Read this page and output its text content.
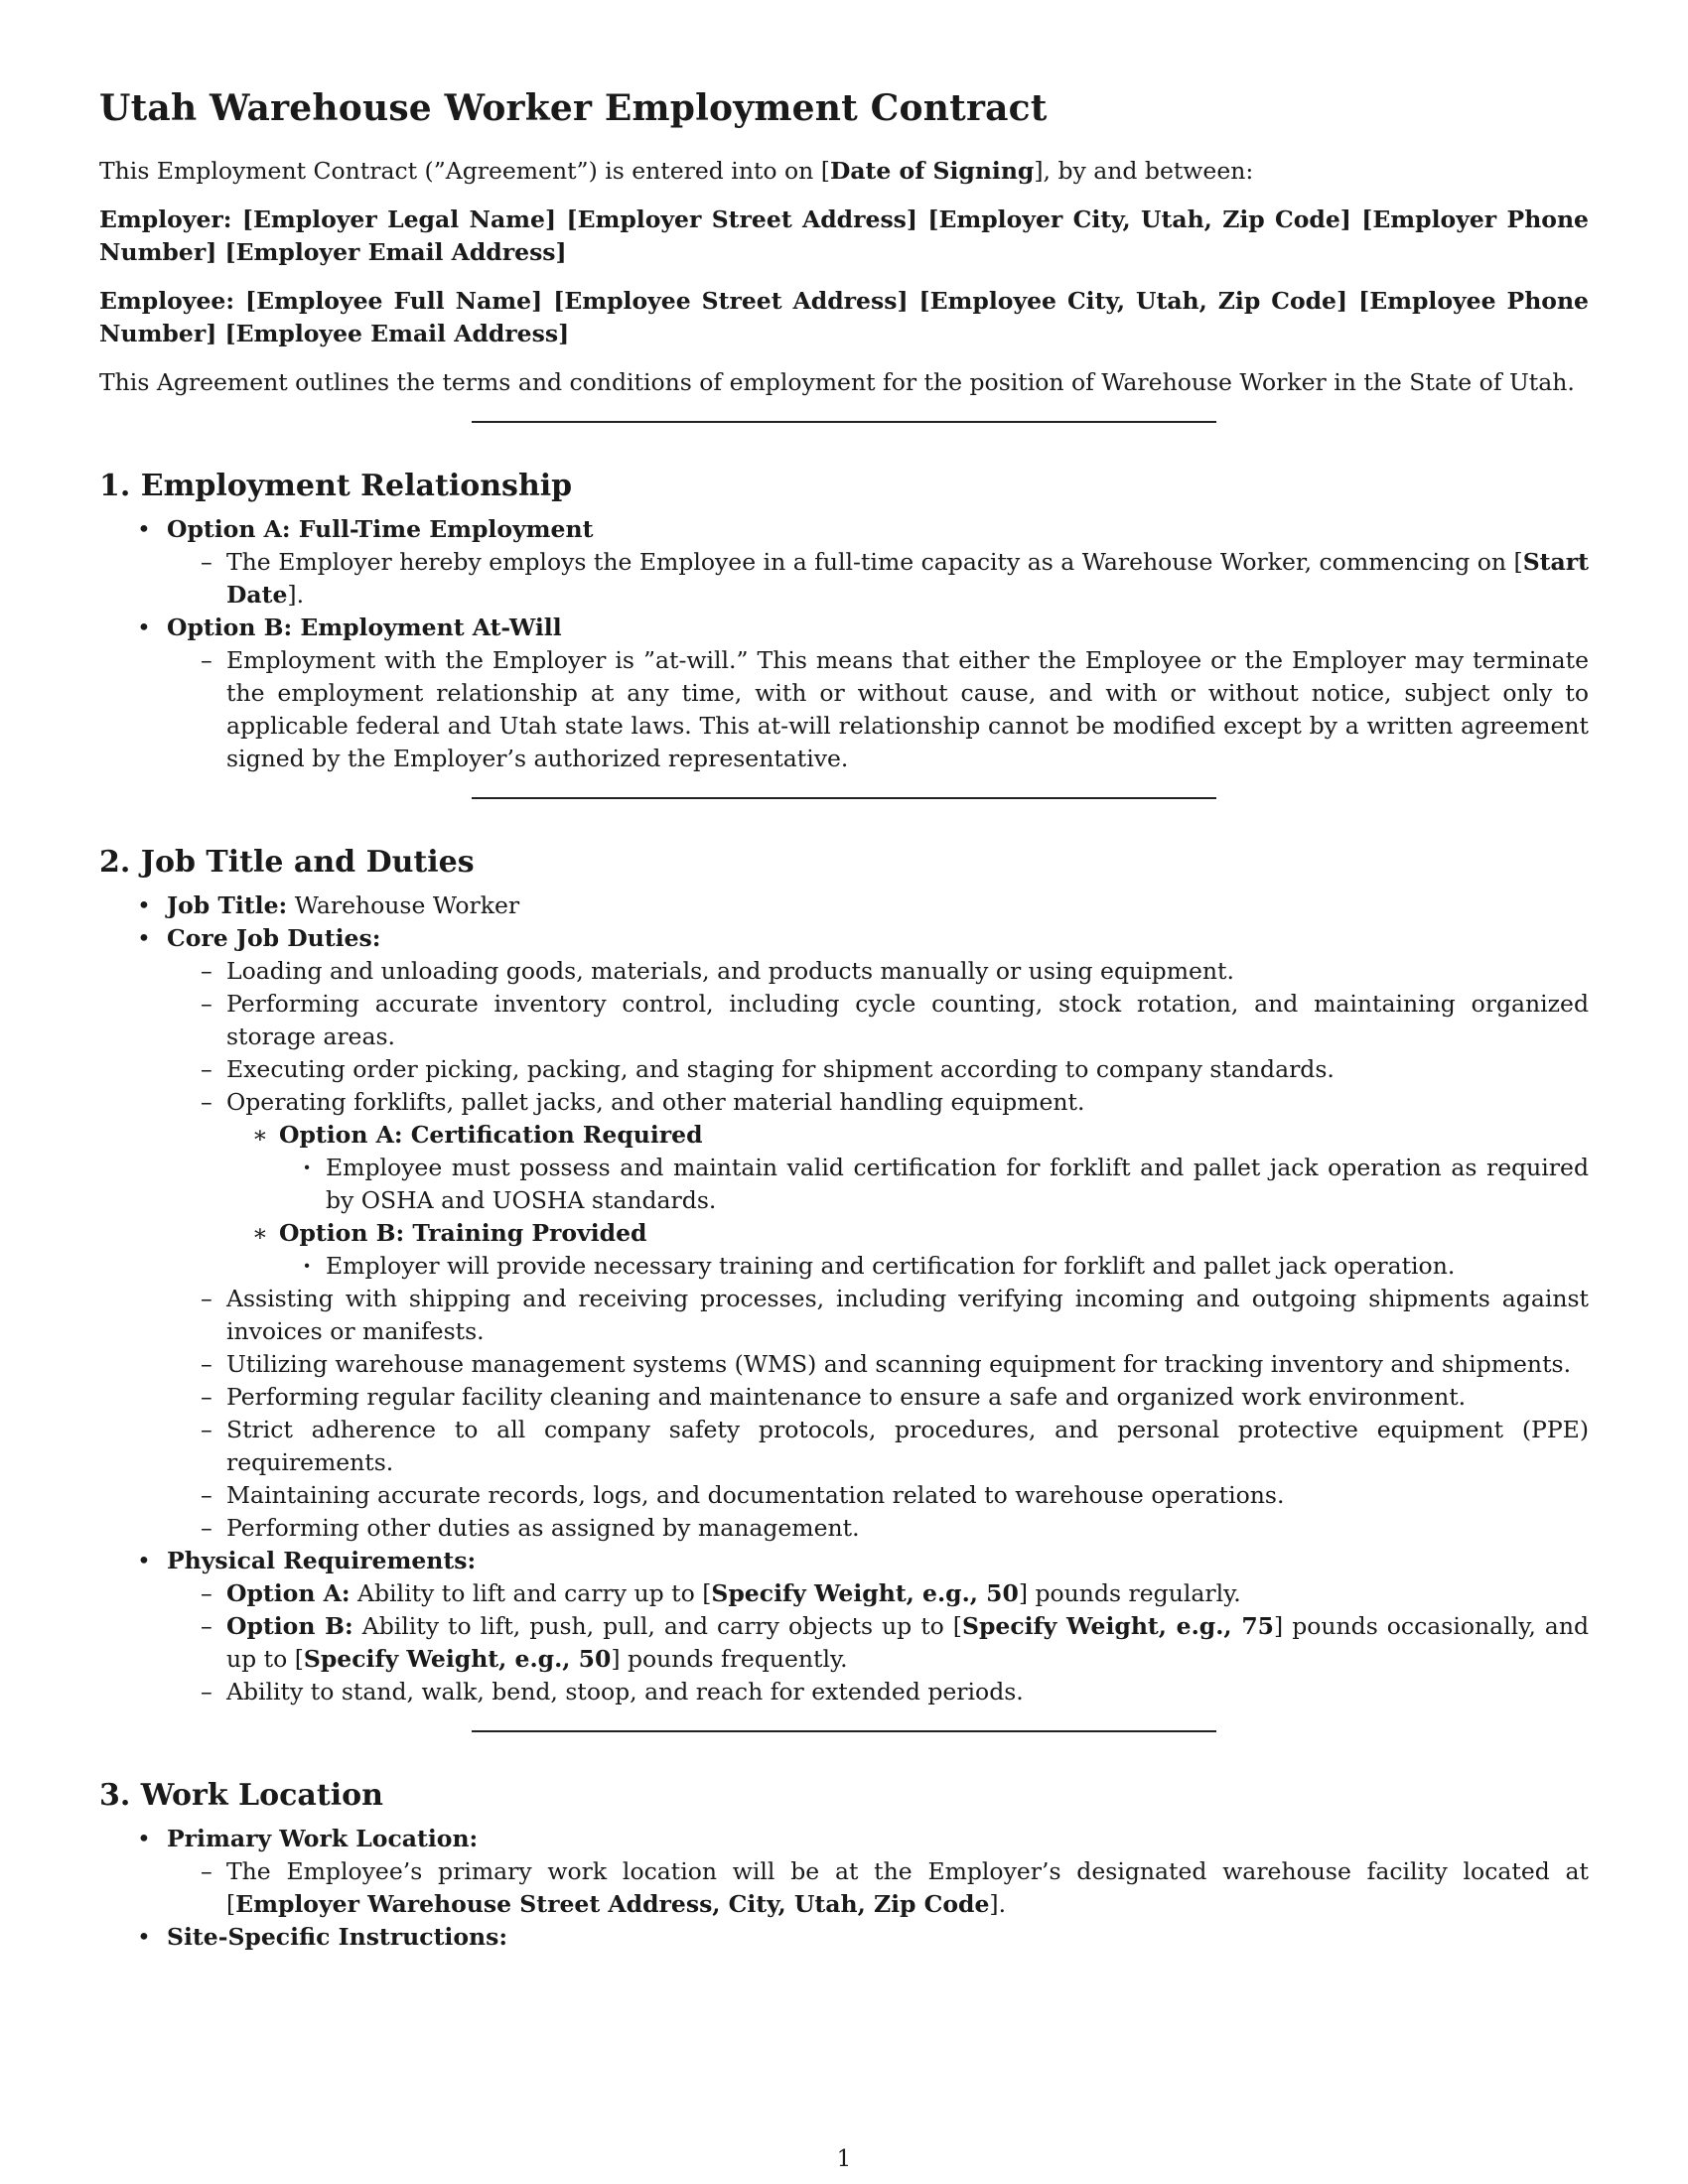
Utah Warehouse Worker Employment Contract

This Employment Contract (”Agreement”) is entered into on [Date of Signing], by and between:

Employer: [Employer Legal Name] [Employer Street Address] [Employer City, Utah, Zip Code] [Employer Phone Number] [Employer Email Address]

Employee: [Employee Full Name] [Employee Street Address] [Employee City, Utah, Zip Code] [Employee Phone Number] [Employee Email Address]

This Agreement outlines the terms and conditions of employment for the position of Warehouse Worker in the State of Utah.

1. Employment Relationship
• Option A: Full-Time Employment
– The Employer hereby employs the Employee in a full-time capacity as a Warehouse Worker, commencing on [Start Date].
• Option B: Employment At-Will
– Employment with the Employer is ”at-will.” This means that either the Employee or the Employer may terminate the employment relationship at any time, with or without cause, and with or without notice, subject only to applicable federal and Utah state laws. This at-will relationship cannot be modified except by a written agreement signed by the Employer’s authorized representative.
2. Job Title and Duties
• Job Title: Warehouse Worker
• Core Job Duties:
– Loading and unloading goods, materials, and products manually or using equipment.
– Performing accurate inventory control, including cycle counting, stock rotation, and maintaining organized storage areas.
– Executing order picking, packing, and staging for shipment according to company standards.
– Operating forklifts, pallet jacks, and other material handling equipment.
∗ Option A: Certification Required
· Employee must possess and maintain valid certification for forklift and pallet jack operation as required by OSHA and UOSHA standards.
∗ Option B: Training Provided
· Employer will provide necessary training and certification for forklift and pallet jack operation.
– Assisting with shipping and receiving processes, including verifying incoming and outgoing shipments against invoices or manifests.
– Utilizing warehouse management systems (WMS) and scanning equipment for tracking inventory and shipments.
– Performing regular facility cleaning and maintenance to ensure a safe and organized work environment.
– Strict adherence to all company safety protocols, procedures, and personal protective equipment (PPE) requirements.
– Maintaining accurate records, logs, and documentation related to warehouse operations.
– Performing other duties as assigned by management.
• Physical Requirements:
– Option A: Ability to lift and carry up to [Specify Weight, e.g., 50] pounds regularly.
– Option B: Ability to lift, push, pull, and carry objects up to [Specify Weight, e.g., 75] pounds occasionally, and up to [Specify Weight, e.g., 50] pounds frequently.
– Ability to stand, walk, bend, stoop, and reach for extended periods.
3. Work Location
• Primary Work Location:
– The Employee’s primary work location will be at the Employer’s designated warehouse facility located at [Employer Warehouse Street Address, City, Utah, Zip Code].
• Site-Specific Instructions:
1
